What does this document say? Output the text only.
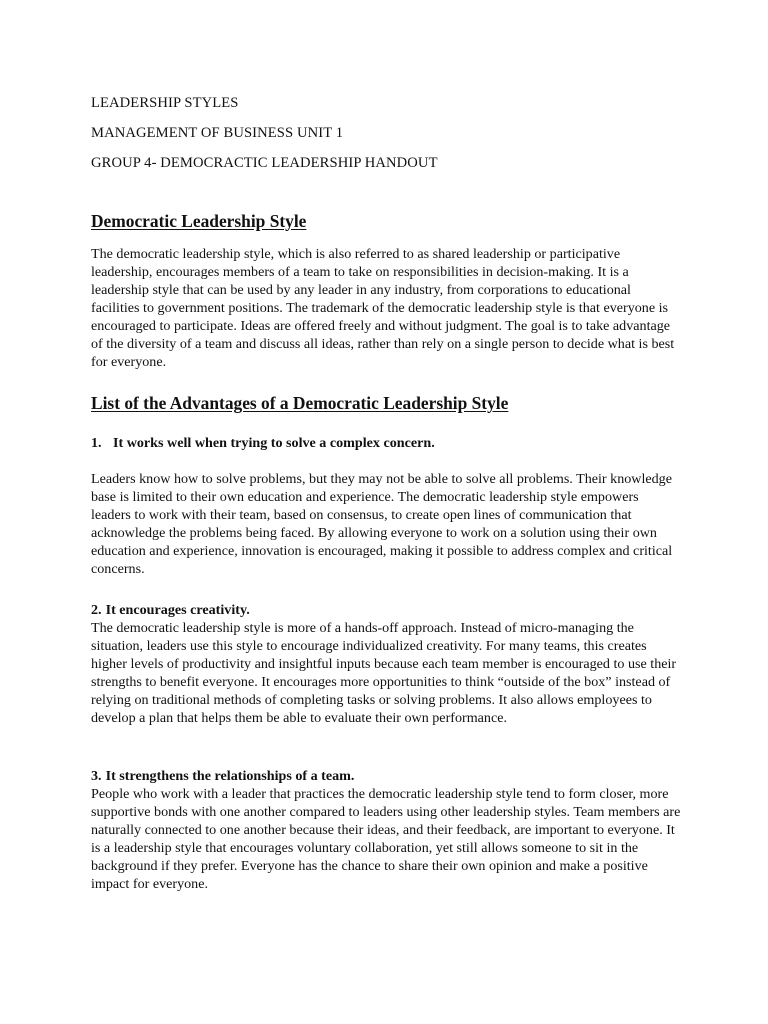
LEADERSHIP STYLES
MANAGEMENT OF BUSINESS UNIT 1
GROUP 4- DEMOCRACTIC LEADERSHIP HANDOUT
Democratic Leadership Style
The democratic leadership style, which is also referred to as shared leadership or participative leadership, encourages members of a team to take on responsibilities in decision-making. It is a leadership style that can be used by any leader in any industry, from corporations to educational facilities to government positions. The trademark of the democratic leadership style is that everyone is encouraged to participate. Ideas are offered freely and without judgment. The goal is to take advantage of the diversity of a team and discuss all ideas, rather than rely on a single person to decide what is best for everyone.
List of the Advantages of a Democratic Leadership Style
1. It works well when trying to solve a complex concern.
Leaders know how to solve problems, but they may not be able to solve all problems. Their knowledge base is limited to their own education and experience. The democratic leadership style empowers leaders to work with their team, based on consensus, to create open lines of communication that acknowledge the problems being faced. By allowing everyone to work on a solution using their own education and experience, innovation is encouraged, making it possible to address complex and critical concerns.
2. It encourages creativity.
The democratic leadership style is more of a hands-off approach. Instead of micro-managing the situation, leaders use this style to encourage individualized creativity. For many teams, this creates higher levels of productivity and insightful inputs because each team member is encouraged to use their strengths to benefit everyone. It encourages more opportunities to think “outside of the box” instead of relying on traditional methods of completing tasks or solving problems. It also allows employees to develop a plan that helps them be able to evaluate their own performance.
3. It strengthens the relationships of a team.
People who work with a leader that practices the democratic leadership style tend to form closer, more supportive bonds with one another compared to leaders using other leadership styles. Team members are naturally connected to one another because their ideas, and their feedback, are important to everyone. It is a leadership style that encourages voluntary collaboration, yet still allows someone to sit in the background if they prefer. Everyone has the chance to share their own opinion and make a positive impact for everyone.
